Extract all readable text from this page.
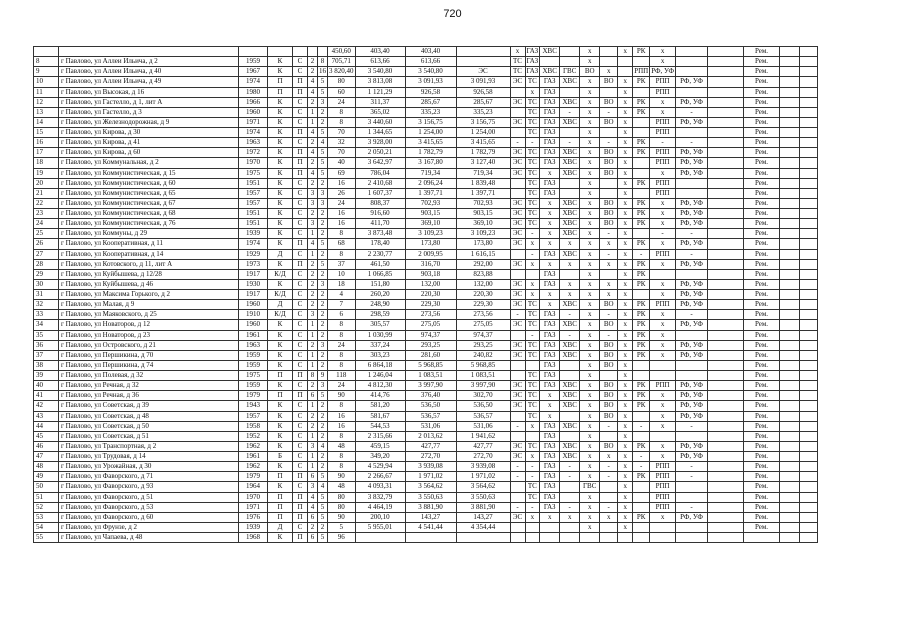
720
							450,60	403,40	403,40		х	ГАЗ	ХВС		х		х	РК	х			Рем.		
8	г Павлово, ул Аллеи Ильича, д 2	1959	К	С	2	8	705,71	613,66	613,66		ТС	ГАЗ			х				х			Рем.		
9	г Павлово, ул Аллеи Ильича, д 40	1967	К	С	2	16	3 820,40	3 540,80	3 540,80	ЭС	ТС	ГАЗ	ХВС	ГВС	ВО	х		РПП	РФ, УФ			Рем.		
10	г Павлово, ул Аллеи Ильича, д 49	1974	П	П	4	5	80	3 813,08	3 091,93	3 091,93	ЭС	ТС	ГАЗ	ХВС	х	ВО	х	РК	РПП	РФ, УФ		Рем.		
11	г Павлово, ул Высокая, д 16	1980	П	П	4	5	60	1 121,29	926,58	926,58		х	ГАЗ		х		х		РПП			Рем.		
12	г Павлово, ул Гастелло, д 1, лит А	1966	К	С	2	3	24	311,37	285,67	285,67	ЭС	ТС	ГАЗ	ХВС	х	ВО	х	РК	х	РФ, УФ		Рем.		
13	г Павлово, ул Гастелло, д 3	1960	К	С	1	2	8	365,02	335,23	335,23		ТС	ГАЗ	-	х	-	х	РК	х	-		Рем.		
14	г Павлово, ул Железнодорожная, д 9	1971	К	С	1	2	8	3 440,60	3 156,75	3 156,75	ЭС	ТС	ГАЗ	ХВС	х	ВО	х		РПП	РФ, УФ		Рем.		
15	г Павлово, ул Кирова, д 30	1974	К	П	4	5	70	1 344,65	1 254,00	1 254,00		ТС	ГАЗ		х		х		РПП			Рем.		
16	г Павлово, ул Кирова, д 41	1963	К	С	2	4	32	3 928,00	3 415,65	3 415,65	-	-	ГАЗ	-	х	-	х	РК	-	-		Рем.		
17	г Павлово, ул Кирова, д 60	1972	К	П	4	5	70	2 050,21	1 782,79	1 782,79	ЭС	ТС	ГАЗ	ХВС	х	ВО	х	РК	РПП	РФ, УФ		Рем.		
18	г Павлово, ул Коммунальная, д 2	1970	К	П	2	5	40	3 642,97	3 167,80	3 127,40	ЭС	ТС	ГАЗ	ХВС	х	ВО	х		РПП	РФ, УФ		Рем.		
19	г Павлово, ул Коммунистическая, д 15	1975	К	П	4	5	69	786,04	719,34	719,34	ЭС	ТС	х	ХВС	х	ВО	х		х	РФ, УФ		Рем.		
20	г Павлово, ул Коммунистическая, д 60	1951	К	С	2	2	16	2 410,68	2 096,24	1 839,48		ТС	ГАЗ		х		х	РК	РПП			Рем.		
21	г Павлово, ул Коммунистическая, д 65	1957	К	С	3	3	26	1 607,37	1 397,71	1 397,71		ТС	ГАЗ		х		х		РПП			Рем.		
22	г Павлово, ул Коммунистическая, д 67	1957	К	С	3	3	24	808,37	702,93	702,93	ЭС	ТС	х	ХВС	х	ВО	х	РК	х	РФ, УФ		Рем.		
23	г Павлово, ул Коммунистическая, д 68	1951	К	С	2	2	16	916,60	903,15	903,15	ЭС	ТС	х	ХВС	х	ВО	х	РК	х	РФ, УФ		Рем.		
24	г Павлово, ул Коммунистическая, д 76	1951	К	С	3	2	16	411,70	369,10	369,10	ЭС	ТС	х	ХВС	х	ВО	х	РК	х	РФ, УФ		Рем.		
25	г Павлово, ул Коммуны, д 29	1939	К	С	1	2	8	3 873,48	3 109,23	3 109,23	ЭС	-	х	ХВС	х	-	х		-	-		Рем.		
26	г Павлово, ул Кооперативная, д 11	1974	К	П	4	5	68	178,40	173,80	173,80	ЭС	х	х	х	х	х	х	РК	х	РФ, УФ		Рем.		
27	г Павлово, ул Кооперативная, д 14	1929	Д	С	1	2	8	2 230,77	2 009,95	1 616,15		-	ГАЗ	ХВС	х	-	х	-	РПП	-		Рем.		
28	г Павлово, ул Котовского, д 11, лит А	1973	К	П	2	5	37	461,50	316,70	292,00	ЭС	х	х	х	х	х	х	РК	х	РФ, УФ		Рем.		
29	г Павлово, ул Куйбышева, д 12/28	1917	К/Д	С	2	2	10	1 066,85	903,18	823,88			ГАЗ		х		х	РК				Рем.		
30	г Павлово, ул Куйбышева, д 46	1930	К	С	2	3	18	151,80	132,00	132,00	ЭС	х	ГАЗ	х	х	х	х	РК	х	РФ, УФ		Рем.		
31	г Павлово, ул Максима Горького, д 2	1917	К/Д	С	2	2	4	260,20	220,30	220,30	ЭС	х	х	х	х	х	х		х	РФ, УФ		Рем.		
32	г Павлово, ул Малая, д 9	1960	Д	С	2	2	7	248,90	229,30	229,30	ЭС	ТС	х	ХВС	х	ВО	х	РК	РПП	РФ, УФ		Рем.		
33	г Павлово, ул Маяковского, д 25	1910	К/Д	С	3	2	6	298,59	273,56	273,56	-	ТС	ГАЗ	-	х	-	х	РК	х	-		Рем.		
34	г Павлово, ул Новаторов, д 12	1960	К	С	1	2	8	305,57	275,05	275,05	ЭС	ТС	ГАЗ	ХВС	х	ВО	х	РК	х	РФ, УФ		Рем.		
35	г Павлово, ул Новаторов, д 23	1961	К	С	1	2	8	1 030,99	974,37	974,37		-	ГАЗ	-	х	-	х	РК	х			Рем.		
36	г Павлово, ул Островского, д 21	1963	К	С	2	3	24	337,24	293,25	293,25	ЭС	ТС	ГАЗ	ХВС	х	ВО	х	РК	х	РФ, УФ		Рем.		
37	г Павлово, ул Першикина, д 70	1959	К	С	1	2	8	303,23	281,60	240,82	ЭС	ТС	ГАЗ	ХВС	х	ВО	х	РК	х	РФ, УФ		Рем.		
38	г Павлово, ул Першикина, д 74	1959	К	С	1	2	8	6 864,18	5 968,85	5 968,85			ГАЗ		х	ВО	х					Рем.		
39	г Павлово, ул Полевая, д 32	1975	П	П	8	9	118	1 246,04	1 083,51	1 083,51		ТС	ГАЗ		х		х					Рем.		
40	г Павлово, ул Речная, д 32	1959	К	С	2	3	24	4 812,30	3 997,90	3 997,90	ЭС	ТС	ГАЗ	ХВС	х	ВО	х	РК	РПП	РФ, УФ		Рем.		
41	г Павлово, ул Речная, д 36	1979	П	П	6	5	90	414,76	376,40	302,70	ЭС	ТС	х	ХВС	х	ВО	х	РК	х	РФ, УФ		Рем.		
42	г Павлово, ул Советская, д 39	1943	К	С	1	2	8	581,20	536,50	536,50	ЭС	ТС	х	ХВС	х	ВО	х	РК	х	РФ, УФ		Рем.		
43	г Павлово, ул Советская, д 48	1957	К	С	2	2	16	581,67	536,57	536,57		ТС	х		х	ВО	х		х	РФ, УФ		Рем.		
44	г Павлово, ул Советская, д 50	1958	К	С	2	2	16	544,53	531,06	531,06	-	х	ГАЗ	ХВС	х	-	х	-	х	-		Рем.		
45	г Павлово, ул Советская, д 51	1952	К	С	1	2	8	2 315,66	2 013,62	1 941,62			ГАЗ		х		х					Рем.		
46	г Павлово, ул Транспортная, д 2	1962	К	С	3	4	48	459,15	427,77	427,77	ЭС	ТС	ГАЗ	ХВС	х	ВО	х	РК	х	РФ, УФ		Рем.		
47	г Павлово, ул Трудовая, д 14	1961	Б	С	1	2	8	349,20	272,70	272,70	ЭС	х	ГАЗ	ХВС	х	х	х	-	х	РФ, УФ		Рем.		
48	г Павлово, ул Урожайная, д 30	1962	К	С	1	2	8	4 529,94	3 939,08	3 939,08	-	-	ГАЗ	-	х	-	х	-	РПП	-		Рем.		
49	г Павлово, ул Фаворского, д 71	1979	П	П	6	5	90	2 266,67	1 971,02	1 971,02	-	-	ГАЗ	-	х	-	х	РК	РПП	-		Рем.		
50	г Павлово, ул Фаворского, д 93	1964	К	С	3	4	48	4 093,31	3 564,62	3 564,62		ТС	ГАЗ		ГВС		х		РПП			Рем.		
51	г Павлово, ул Фаворского, д 51	1970	П	П	4	5	80	3 832,79	3 550,63	3 550,63		ТС	ГАЗ		х		х		РПП			Рем.		
52	г Павлово, ул Фаворского, д 53	1971	П	П	4	5	80	4 464,19	3 881,90	3 881,90	-	-	ГАЗ	-	х	-	х		РПП	-		Рем.		
53	г Павлово, ул Фаворского, д 60	1976	П	П	6	5	90	200,10	143,27	143,27	ЭС	х	х	х	х	х	х	РК	х	РФ, УФ		Рем.		
54	г Павлово, ул Фрунзе, д 2	1939	Д	С	2	2	5	5 955,01	4 541,44	4 354,44					х		х					Рем.		
55	г Павлово, ул Чапаева, д 48	1968	К	П	6	5	96																	
